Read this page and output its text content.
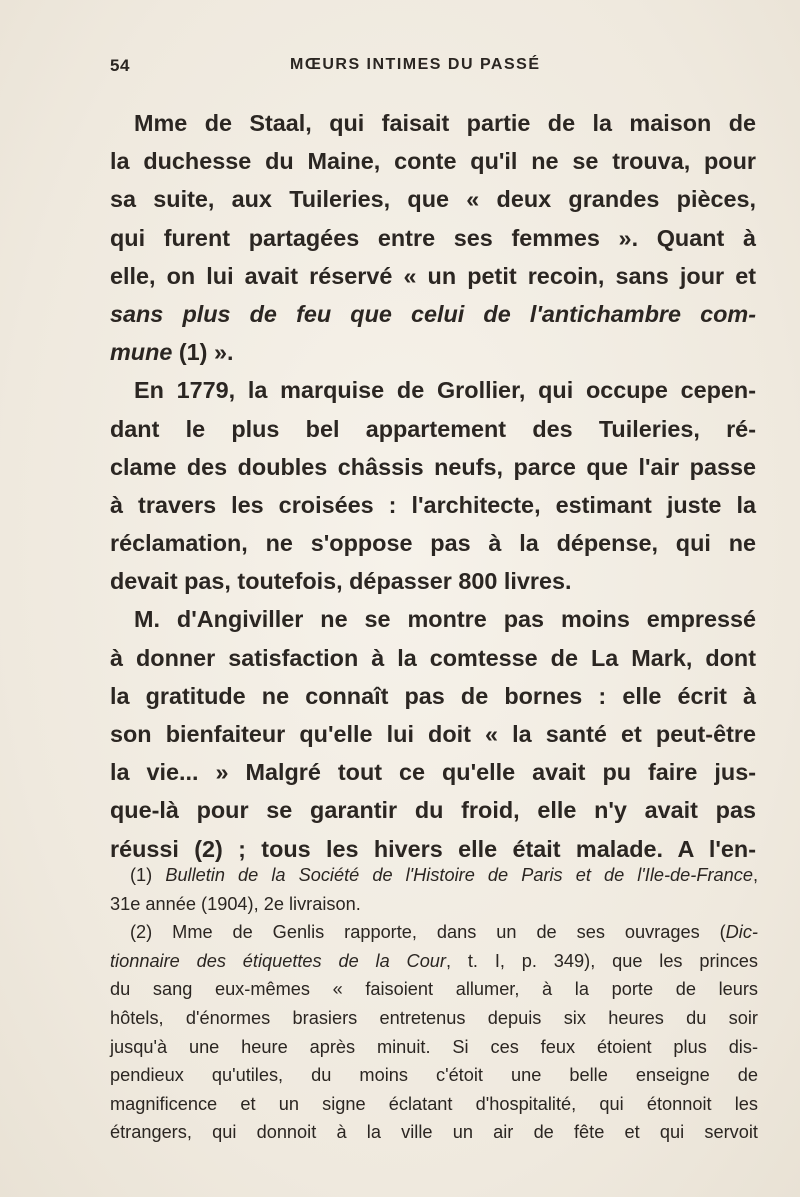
54	MŒURS INTIMES DU PASSÉ
Mme de Staal, qui faisait partie de la maison de
la duchesse du Maine, conte qu'il ne se trouva, pour
sa suite, aux Tuileries, que « deux grandes pièces,
qui furent partagées entre ses femmes ». Quant à
elle, on lui avait réservé « un petit recoin, sans jour et
sans plus de feu que celui de l'antichambre com-
mune (1) ».
En 1779, la marquise de Grollier, qui occupe cepen-
dant le plus bel appartement des Tuileries, ré-
clame des doubles châssis neufs, parce que l'air passe
à travers les croisées : l'architecte, estimant juste la
réclamation, ne s'oppose pas à la dépense, qui ne
devait pas, toutefois, dépasser 800 livres.
M. d'Angiviller ne se montre pas moins empressé
à donner satisfaction à la comtesse de La Mark, dont
la gratitude ne connaît pas de bornes : elle écrit à
son bienfaiteur qu'elle lui doit « la santé et peut-être
la vie... » Malgré tout ce qu'elle avait pu faire jus-
que-là pour se garantir du froid, elle n'y avait pas
réussi (2) ; tous les hivers elle était malade. A l'en-
(1) Bulletin de la Société de l'Histoire de Paris et de l'Ile-de-France,
31e année (1904), 2e livraison.
(2) Mme de Genlis rapporte, dans un de ses ouvrages (Dic-
tionnaire des étiquettes de la Cour, t. I, p. 349), que les princes
du sang eux-mêmes « faisoient allumer, à la porte de leurs
hôtels, d'énormes brasiers entretenus depuis six heures du soir
jusqu'à une heure après minuit. Si ces feux étoient plus dis-
pendieux qu'utiles, du moins c'étoit une belle enseigne de
magnificence et un signe éclatant d'hospitalité, qui étonnoit les
étrangers, qui donnoit à la ville un air de fête et qui servoit
